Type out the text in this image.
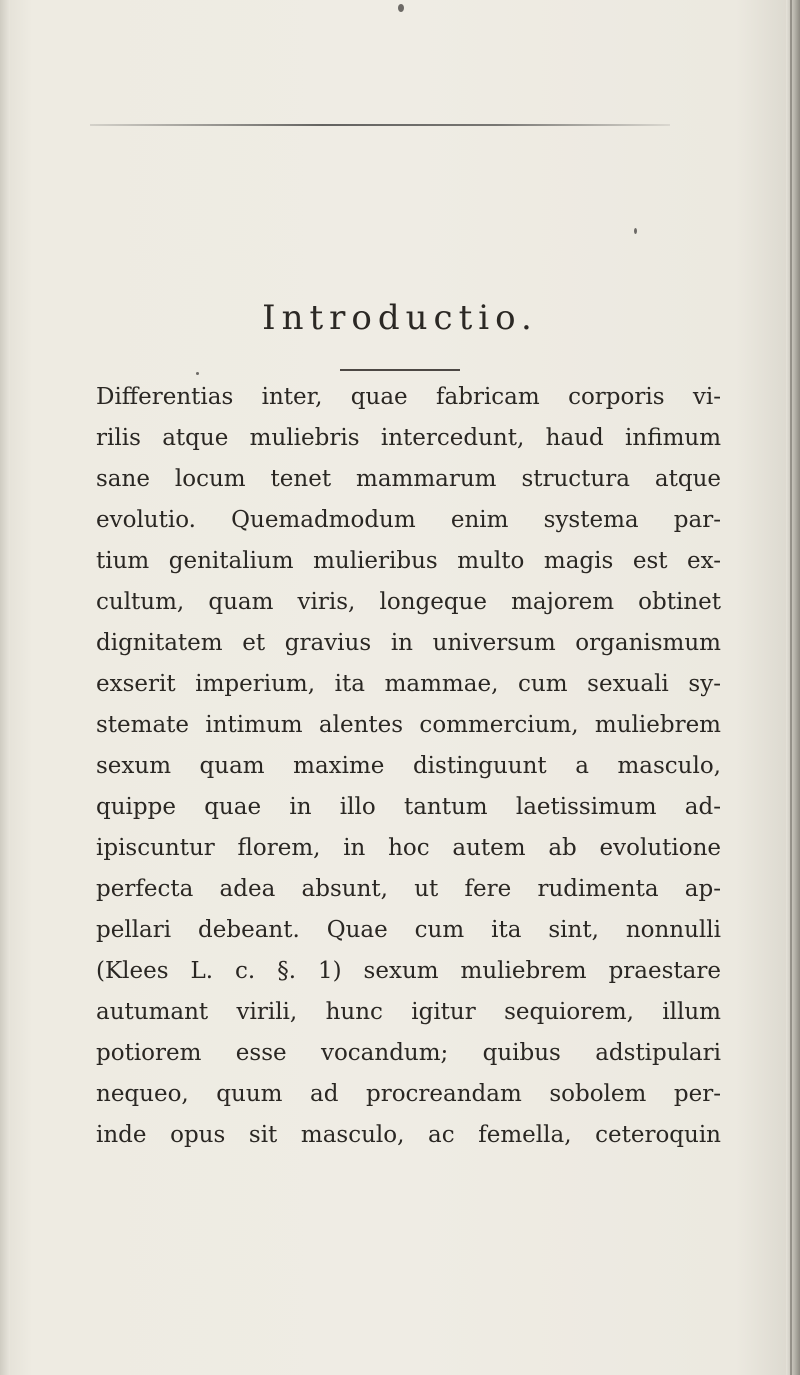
Introductio.
Differentias inter, quae fabricam corporis vi-
rilis atque muliebris intercedunt, haud infimum
sane locum tenet mammarum structura atque
evolutio. Quemadmodum enim systema par-
tium genitalium mulieribus multo magis est ex-
cultum, quam viris, longeque majorem obtinet
dignitatem et gravius in universum organismum
exserit imperium, ita mammae, cum sexuali sy-
stemate intimum alentes commercium, muliebrem
sexum quam maxime distinguunt a masculo,
quippe quae in illo tantum laetissimum ad-
ipiscuntur florem, in hoc autem ab evolutione
perfecta adea absunt, ut fere rudimenta ap-
pellari debeant. Quae cum ita sint, nonnulli
(Klees L. c. §. 1) sexum muliebrem praestare
autumant virili, hunc igitur sequiorem, illum
potiorem esse vocandum; quibus adstipulari
nequeo, quum ad procreandam sobolem per-
inde opus sit masculo, ac femella, ceteroquin
